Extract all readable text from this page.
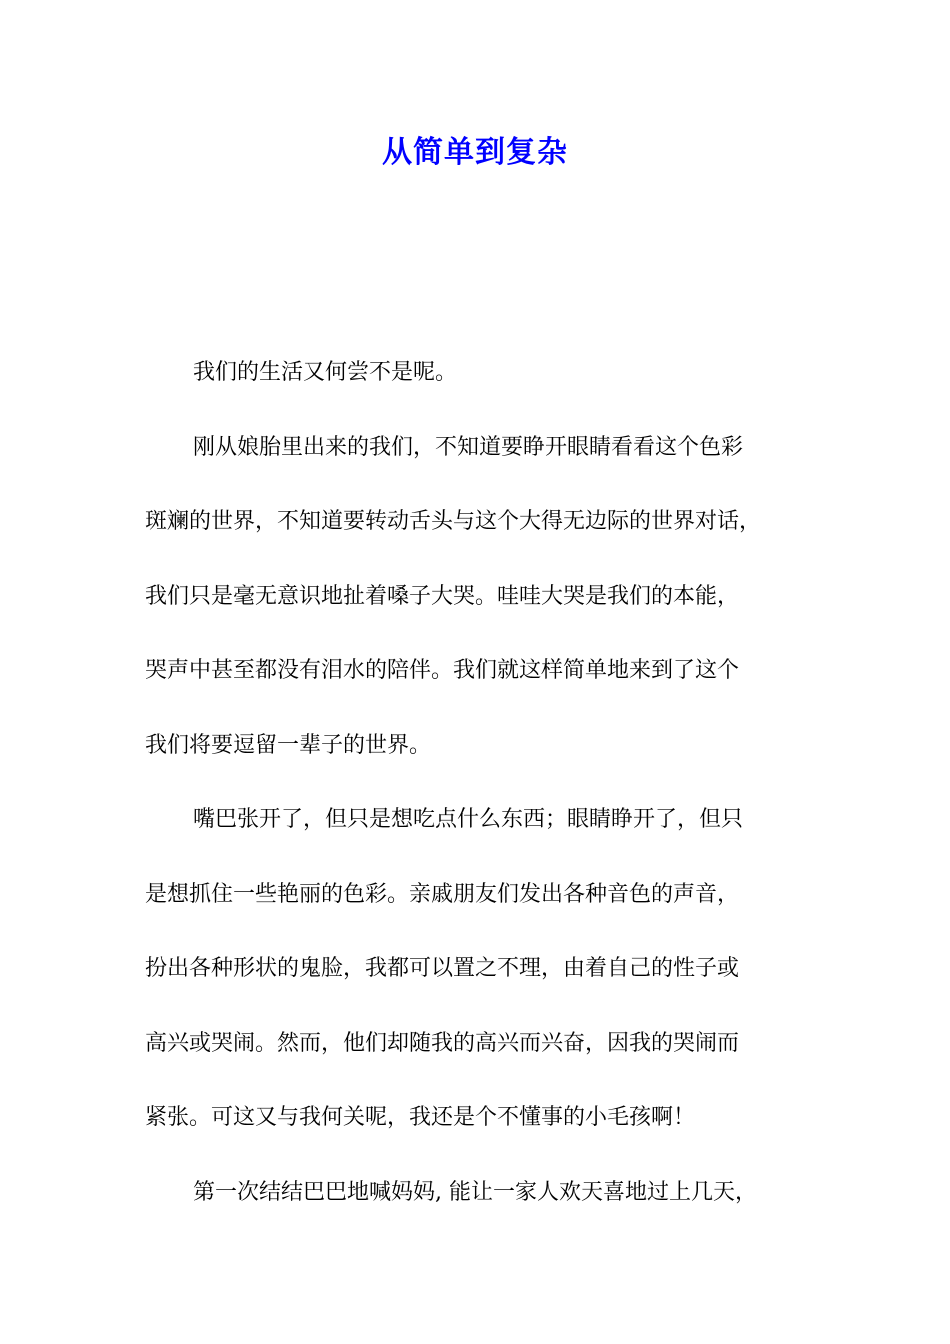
从简单到复杂
我们的生活又何尝不是呢。
刚从娘胎里出来的我们，不知道要睁开眼睛看看这个色彩
斑斓的世界，不知道要转动舌头与这个大得无边际的世界对话，
我们只是毫无意识地扯着嗓子大哭。哇哇大哭是我们的本能，
哭声中甚至都没有泪水的陪伴。我们就这样简单地来到了这个
我们将要逗留一辈子的世界。
嘴巴张开了，但只是想吃点什么东西；眼睛睁开了，但只
是想抓住一些艳丽的色彩。亲戚朋友们发出各种音色的声音，
扮出各种形状的鬼脸，我都可以置之不理，由着自己的性子或
高兴或哭闹。然而，他们却随我的高兴而兴奋，因我的哭闹而
紧张。可这又与我何关呢，我还是个不懂事的小毛孩啊！
第一次结结巴巴地喊妈妈, 能让一家人欢天喜地过上几天，
